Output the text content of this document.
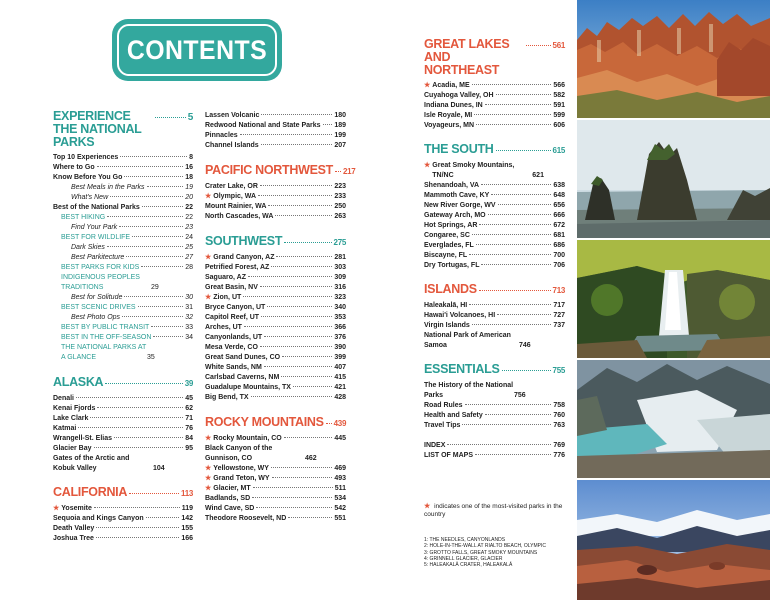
CONTENTS
EXPERIENCE THE NATIONAL PARKS
5
Top 10 Experiences	8
Where to Go	16
Know Before You Go	18
Best Meals in the Parks	19
What's New	20
Best of the National Parks	22
BEST HIKING	22
Find Your Park	23
BEST FOR WILDLIFE	24
Dark Skies	25
Best Parkitecture	27
BEST PARKS FOR KIDS	28
INDIGENOUS PEOPLES TRADITIONS	29
Best for Solitude	30
BEST SCENIC DRIVES	31
Best Photo Ops	32
BEST BY PUBLIC TRANSIT	33
BEST IN THE OFF-SEASON	34
THE NATIONAL PARKS AT A GLANCE	35
ALASKA	39
Denali	45
Kenai Fjords	62
Lake Clark	71
Katmai	76
Wrangell-St. Elias	84
Glacier Bay	95
Gates of the Arctic and Kobuk Valley	104
CALIFORNIA	113
★ Yosemite	119
Sequoia and Kings Canyon	142
Death Valley	155
Joshua Tree	166
Lassen Volcanic	180
Redwood National and State Parks 189
Pinnacles	199
Channel Islands	207
PACIFIC NORTHWEST 217
Crater Lake, OR	223
★ Olympic, WA	233
Mount Rainier, WA	250
North Cascades, WA	263
SOUTHWEST	275
★ Grand Canyon, AZ	281
Petrified Forest, AZ	303
Saguaro, AZ	309
Great Basin, NV	316
★ Zion, UT	323
Bryce Canyon, UT	340
Capitol Reef, UT	353
Arches, UT	366
Canyonlands, UT	376
Mesa Verde, CO	390
Great Sand Dunes, CO	399
White Sands, NM	407
Carlsbad Caverns, NM	415
Guadalupe Mountains, TX	421
Big Bend, TX	428
ROCKY MOUNTAINS 439
★ Rocky Mountain, CO	445
Black Canyon of the Gunnison, CO	462
★ Yellowstone, WY	469
★ Grand Teton, WY	493
★ Glacier, MT	511
Badlands, SD	534
Wind Cave, SD	542
Theodore Roosevelt, ND	551
GREAT LAKES AND NORTHEAST
561
★ Acadia, ME	566
Cuyahoga Valley, OH	582
Indiana Dunes, IN	591
Isle Royale, MI	599
Voyageurs, MN	606
THE SOUTH	615
★ Great Smoky Mountains, TN/NC	621
Shenandoah, VA	638
Mammoth Cave, KY	648
New River Gorge, WV	656
Gateway Arch, MO	666
Hot Springs, AR	672
Congaree, SC	681
Everglades, FL	686
Biscayne, FL	700
Dry Tortugas, FL	706
ISLANDS	713
Haleakalā, HI	717
Hawai'i Volcanoes, HI	727
Virgin Islands	737
National Park of American Samoa	746
ESSENTIALS	755
The History of the National Parks	756
Road Rules	758
Health and Safety	760
Travel Tips	763
INDEX	769
LIST OF MAPS	776
★ indicates one of the most-visited parks in the country
1: THE NEEDLES, CANYONLANDS
2: HOLE-IN-THE-WALL AT RIALTO BEACH, OLYMPIC
3: GROTTO FALLS, GREAT SMOKY MOUNTAINS
4: GRINNELL GLACIER, GLACIER
5: HALEAKALĀ CRATER, HALEAKALĀ
